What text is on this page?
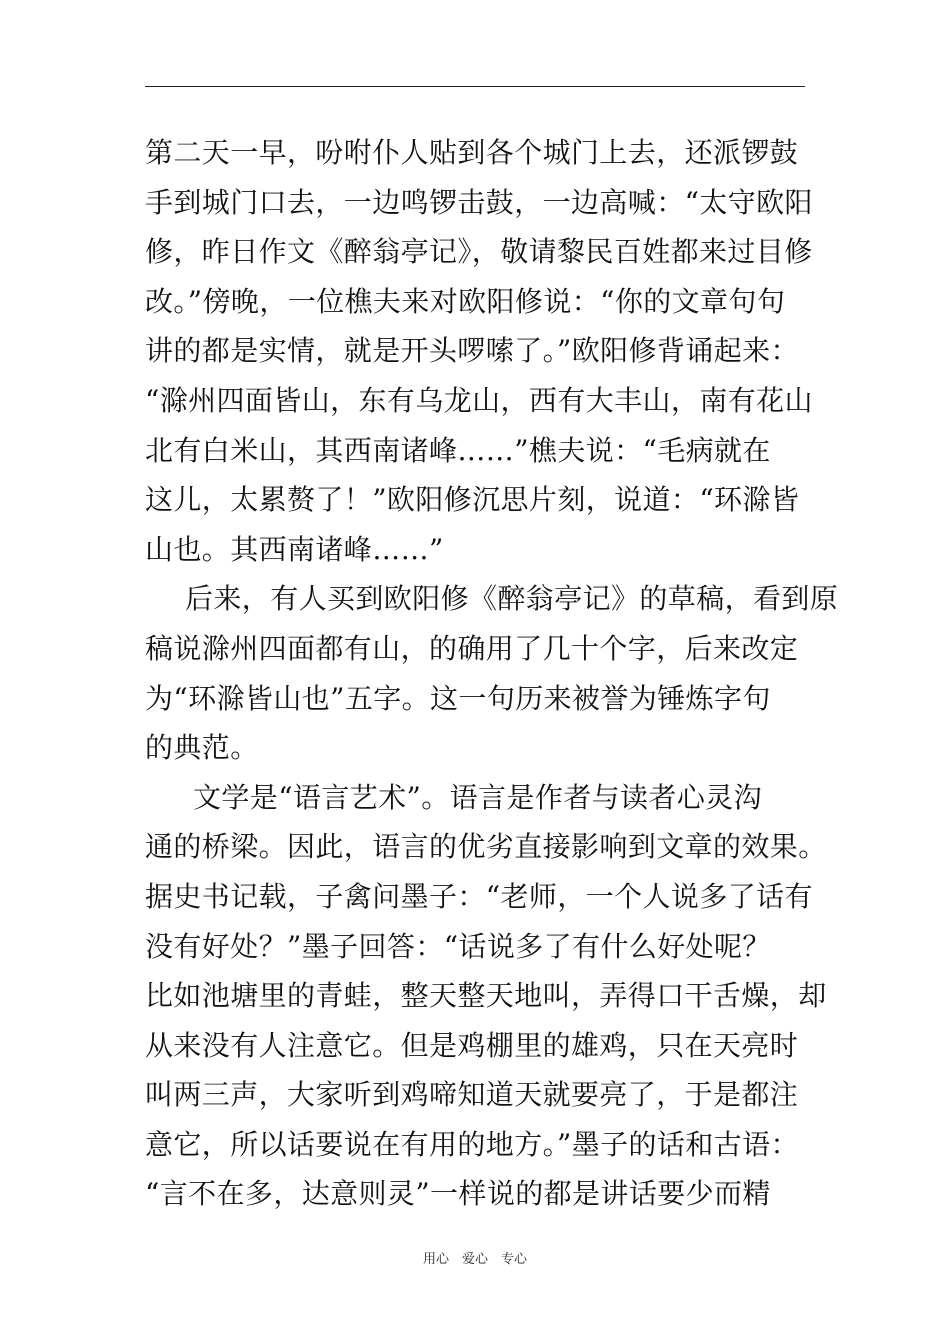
第二天一早，吩咐仆人贴到各个城门上去，还派锣鼓
手到城门口去，一边鸣锣击鼓，一边高喊：“太守欧阳
修，昨日作文《醉翁亭记》，敬请黎民百姓都来过目修
改。”傍晚，一位樵夫来对欧阳修说：“你的文章句句
讲的都是实情，就是开头啰嗦了。”欧阳修背诵起来：
“滁州四面皆山，东有乌龙山，西有大丰山，南有花山
北有白米山，其西南诸峰……”樵夫说：“毛病就在
这儿，太累赘了！”欧阳修沉思片刻，说道：“环滁皆
山也。其西南诸峰……”
后来，有人买到欧阳修《醉翁亭记》的草稿，看到原
稿说滁州四面都有山，的确用了几十个字，后来改定
为“环滁皆山也”五字。这一句历来被誉为锤炼字句
的典范。
文学是“语言艺术”。语言是作者与读者心灵沟
通的桥梁。因此，语言的优劣直接影响到文章的效果。
据史书记载，子禽问墨子：“老师，一个人说多了话有
没有好处？”墨子回答：“话说多了有什么好处呢？
比如池塘里的青蛙，整天整天地叫，弄得口干舌燥，却
从来没有人注意它。但是鸡棚里的雄鸡，只在天亮时
叫两三声，大家听到鸡啼知道天就要亮了，于是都注
意它，所以话要说在有用的地方。”墨子的话和古语：
“言不在多，达意则灵”一样说的都是讲话要少而精
用心　爱心　专心
